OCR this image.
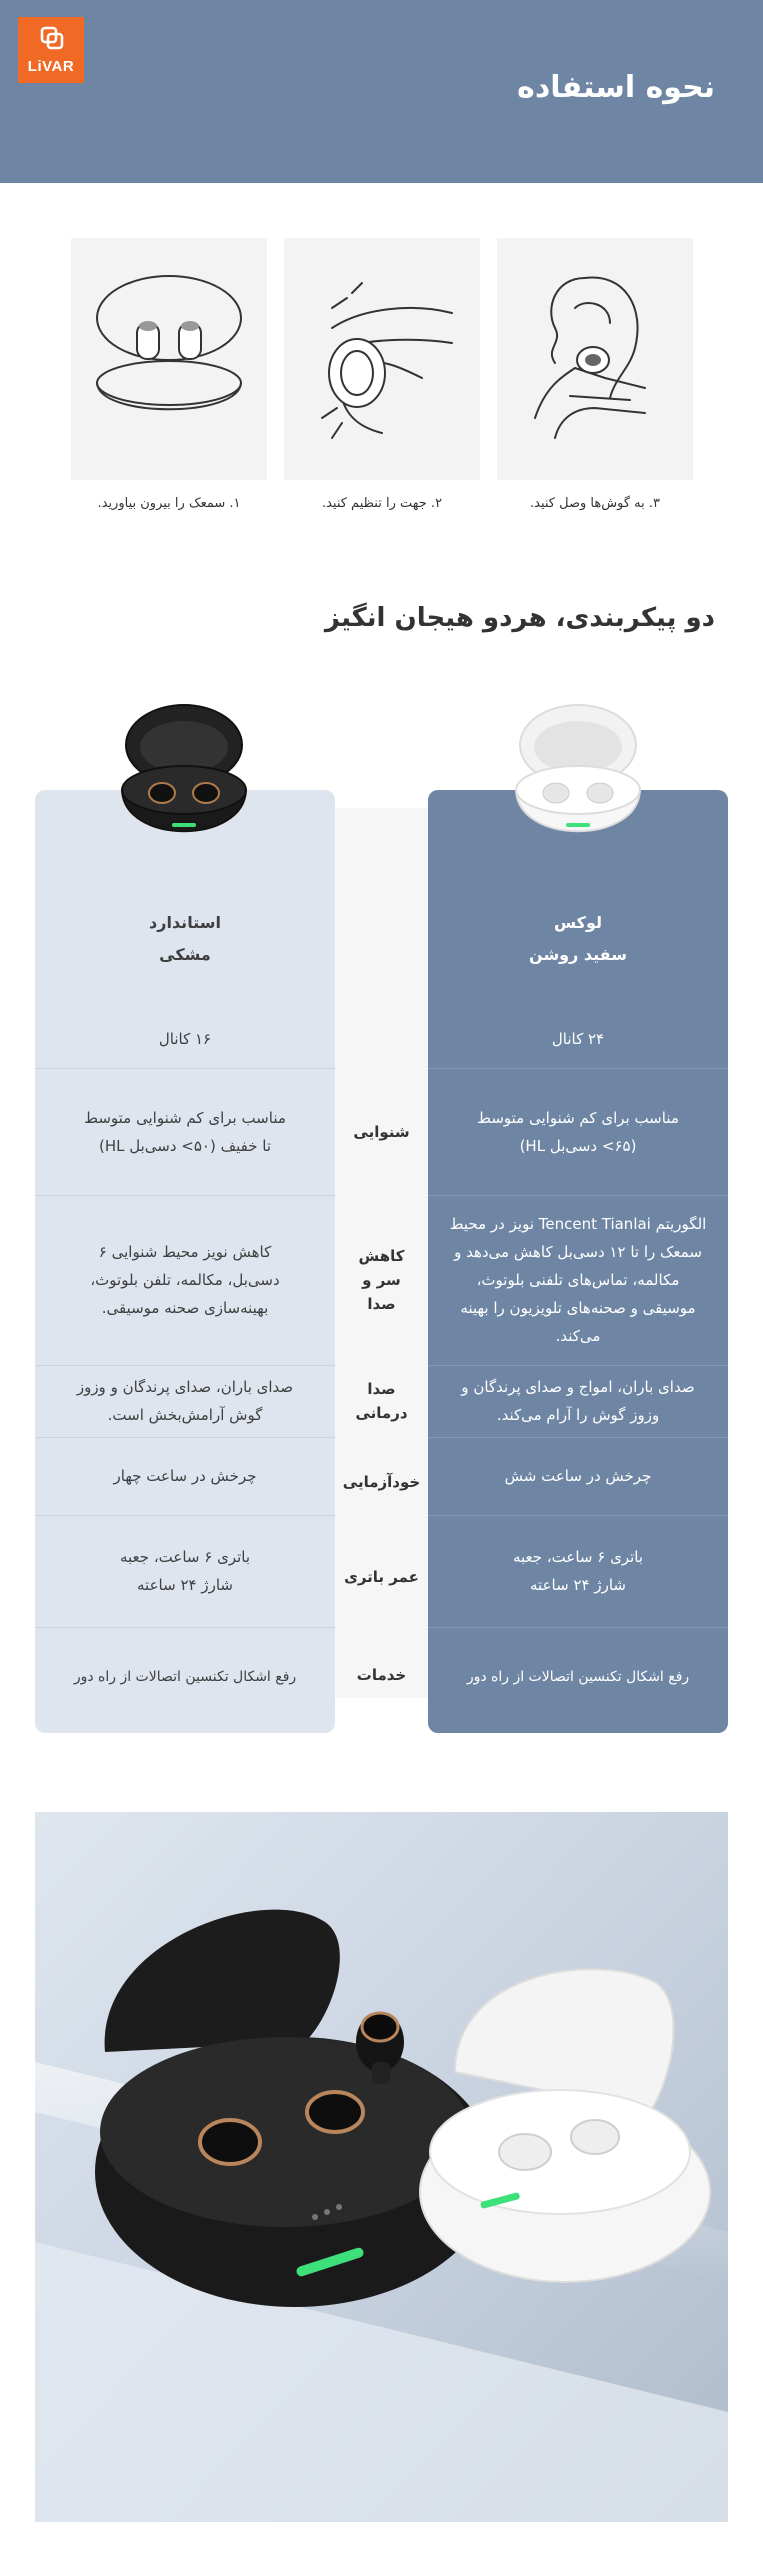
LiVAR
نحوه استفاده
۳. به گوش‌ها وصل کنید.
۲. جهت را تنظیم کنید.
۱. سمعک را بیرون بیاورید.
دو پیکربندی، هردو هیجان انگیز
لوکس
سفید روشن
استاندارد
مشکی
۲۴ کانال
مناسب برای کم شنوایی متوسط (۶۵> دسی‌بل HL)
الگوریتم Tencent Tianlai نویز در محیط سمعک را تا ۱۲ دسی‌بل کاهش می‌دهد و مکالمه، تماس‌های تلفنی بلوتوث، موسیقی و صحنه‌های تلویزیون را بهینه می‌کند.
صدای باران، امواج و صدای پرندگان و وزوز گوش را آرام می‌کند.
چرخش در ساعت شش
باتری ۶ ساعت، جعبه شارژ ۲۴ ساعته
رفع اشکال تکنسین اتصالات از راه دور
شنوایی
کاهش سر و صدا
صدا درمانی
خودآزمایی
عمر باتری
خدمات
۱۶ کانال
مناسب برای کم شنوایی متوسط تا خفیف (۵۰> دسی‌بل HL)
کاهش نویز محیط شنوایی ۶ دسی‌بل، مکالمه، تلفن بلوتوث، بهینه‌سازی صحنه موسیقی.
صدای باران، صدای پرندگان و وزوز گوش آرامش‌بخش است.
چرخش در ساعت چهار
باتری ۶ ساعت، جعبه شارژ ۲۴ ساعته
رفع اشکال تکنسین اتصالات از راه دور
